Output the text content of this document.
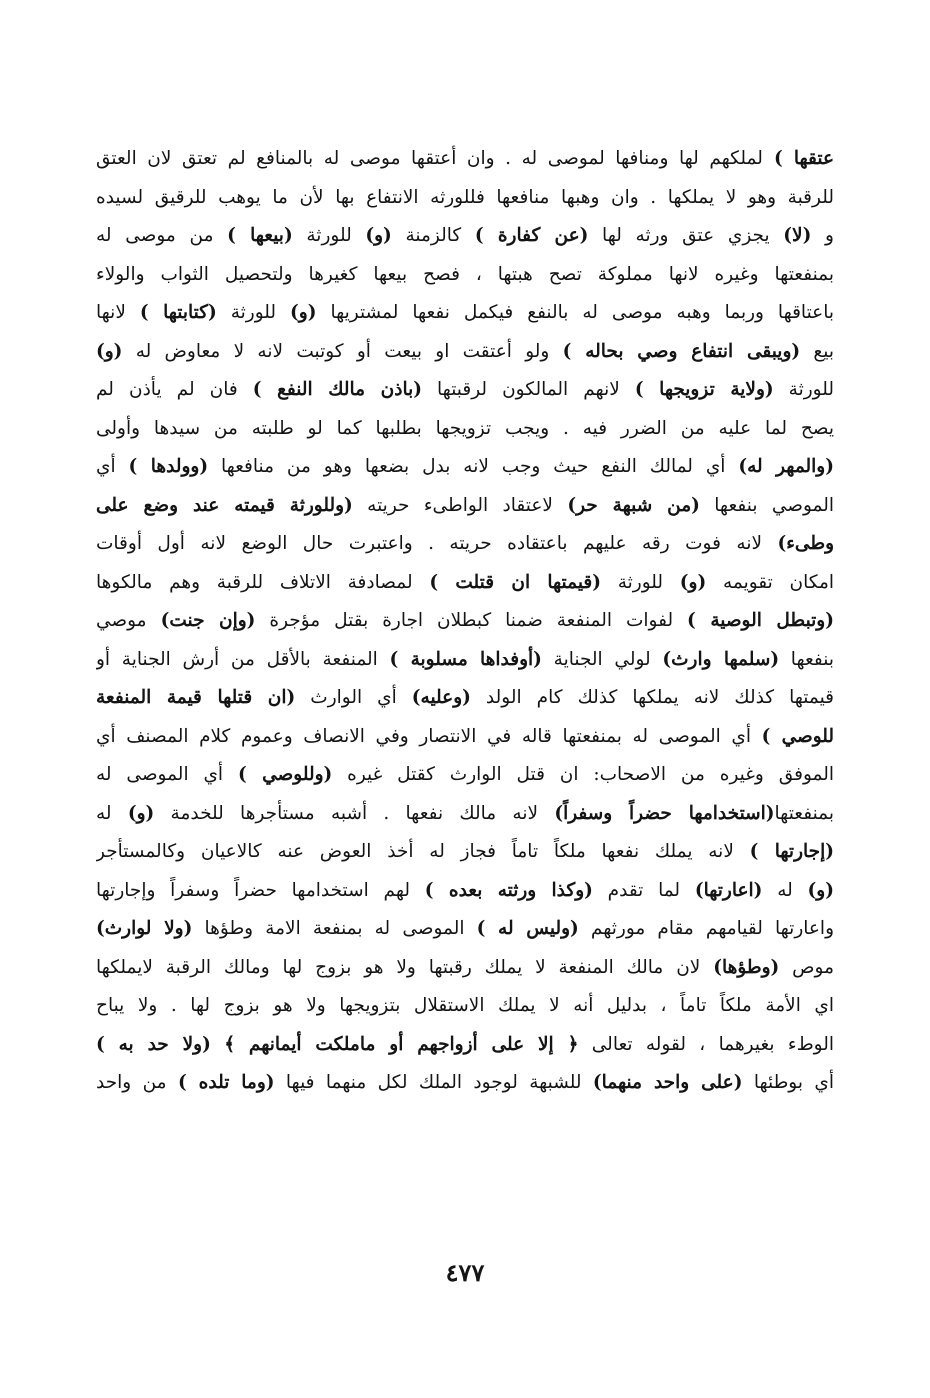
عتقها ) لملكهم لها ومنافها لموصى له . وان أعتقها موصى له بالمنافع لم تعتق لان العتق
للرقبة وهو لا يملكها . وان وهبها منافعها فللورثه الانتفاع بها لأن ما يوهب للرقيق لسيده
و (لا) يجزي عتق ورثه لها (عن كفارة ) كالزمنة (و) للورثة (بيعها ) من موصى له
بمنفعتها وغيره لانها مملوكة تصح هبتها ، فصح بيعها كغيرها ولتحصيل الثواب والولاء
باعتاقها وربما وهبه موصى له بالنفع فيكمل نفعها لمشتريها (و) للورثة (كتابتها ) لانها
بيع (ويبقى انتفاع وصي بحاله ) ولو أعتقت او بيعت أو كوتبت لانه لا معاوض له (و)
للورثة (ولاية تزويجها ) لانهم المالكون لرقبتها (باذن مالك النفع ) فان لم يأذن لم
يصح لما عليه من الضرر فيه . ويجب تزويجها بطلبها كما لو طلبته من سيدها وأولى
(والمهر له) أي لمالك النفع حيث وجب لانه بدل بضعها وهو من منافعها (وولدها ) أي
الموصي بنفعها (من شبهة حر) لاعتقاد الواطىء حريته (وللورثة قيمته عند وضع على
وطىء) لانه فوت رقه عليهم باعتقاده حريته . واعتبرت حال الوضع لانه أول أوقات
امكان تقويمه (و) للورثة (قيمتها ان قتلت ) لمصادفة الاتلاف للرقبة وهم مالكوها
(وتبطل الوصية ) لفوات المنفعة ضمنا كبطلان اجارة بقتل مؤجرة (وإن جنت) موصي
بنفعها (سلمها وارث) لولي الجناية (أوفداها مسلوبة ) المنفعة بالأقل من أرش الجناية أو
قيمتها كذلك لانه يملكها كذلك كام الولد (وعليه) أي الوارث (ان قتلها قيمة المنفعة
للوصي ) أي الموصى له بمنفعتها قاله في الانتصار وفي الانصاف وعموم كلام المصنف أي
الموفق وغيره من الاصحاب: ان قتل الوارث كقتل غيره (وللوصي ) أي الموصى له
بمنفعتها(استخدامها حضراً وسفراً) لانه مالك نفعها . أشبه مستأجرها للخدمة (و) له
(إجارتها ) لانه يملك نفعها ملكاً تاماً فجاز له أخذ العوض عنه كالاعيان وكالمستأجر
(و) له (اعارتها) لما تقدم (وكذا ورثته بعده ) لهم استخدامها حضراً وسفراً وإجارتها
واعارتها لقيامهم مقام مورثهم (وليس له ) الموصى له بمنفعة الامة وطؤها (ولا لوارث)
موص (وطؤها) لان مالك المنفعة لا يملك رقبتها ولا هو بزوج لها ومالك الرقبة لايملكها
اي الأمة ملكاً تاماً ، بدليل أنه لا يملك الاستقلال بتزويجها ولا هو بزوج لها . ولا يباح
الوطء بغيرهما ، لقوله تعالى ﴿ إلا على أزواجهم أو ماملكت أيمانهم ﴾ (ولا حد به )
أي بوطئها (على واحد منهما) للشبهة لوجود الملك لكل منهما فيها (وما تلده ) من واحد
٤٧٧
